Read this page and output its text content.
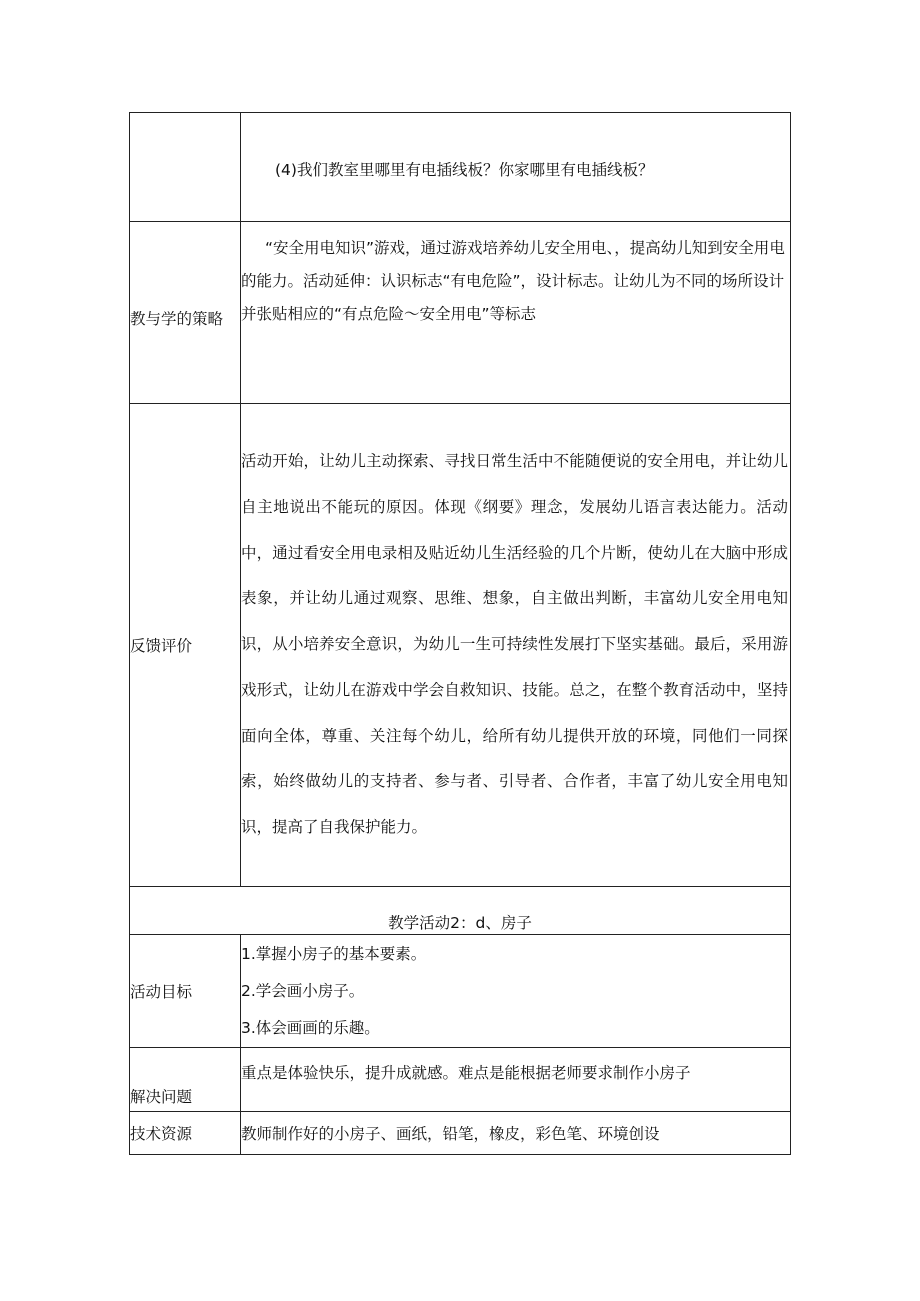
	(4)我们教室里哪里有电插线板？你家哪里有电插线板？

教与学的策略	“安全用电知识”游戏，通过游戏培养幼儿安全用电、，提高幼儿知到安全用电的能力。活动延伸：认识标志“有电危险”，设计标志。让幼儿为不同的场所设计并张贴相应的“有点危险～安全用电”等标志

反馈评价	活动开始，让幼儿主动探索、寻找日常生活中不能随便说的安全用电，并让幼儿自主地说出不能玩的原因。体现《纲要》理念，发展幼儿语言表达能力。活动中，通过看安全用电录相及贴近幼儿生活经验的几个片断，使幼儿在大脑中形成表象，并让幼儿通过观察、思维、想象，自主做出判断，丰富幼儿安全用电知识，从小培养安全意识，为幼儿一生可持续性发展打下坚实基础。最后，采用游戏形式，让幼儿在游戏中学会自救知识、技能。总之，在整个教育活动中，坚持面向全体，尊重、关注每个幼儿，给所有幼儿提供开放的环境，同他们一同探索，始终做幼儿的支持者、参与者、引导者、合作者，丰富了幼儿安全用电知识，提高了自我保护能力。

教学活动2：d、房子	
活动目标	1.掌握小房子的基本要素。
2.学会画小房子。
3.体会画画的乐趣。

解决问题	重点是体验快乐，提升成就感。难点是能根据老师要求制作小房子
技术资源	教师制作好的小房子、画纸，铅笔，橡皮，彩色笔、环境创设
